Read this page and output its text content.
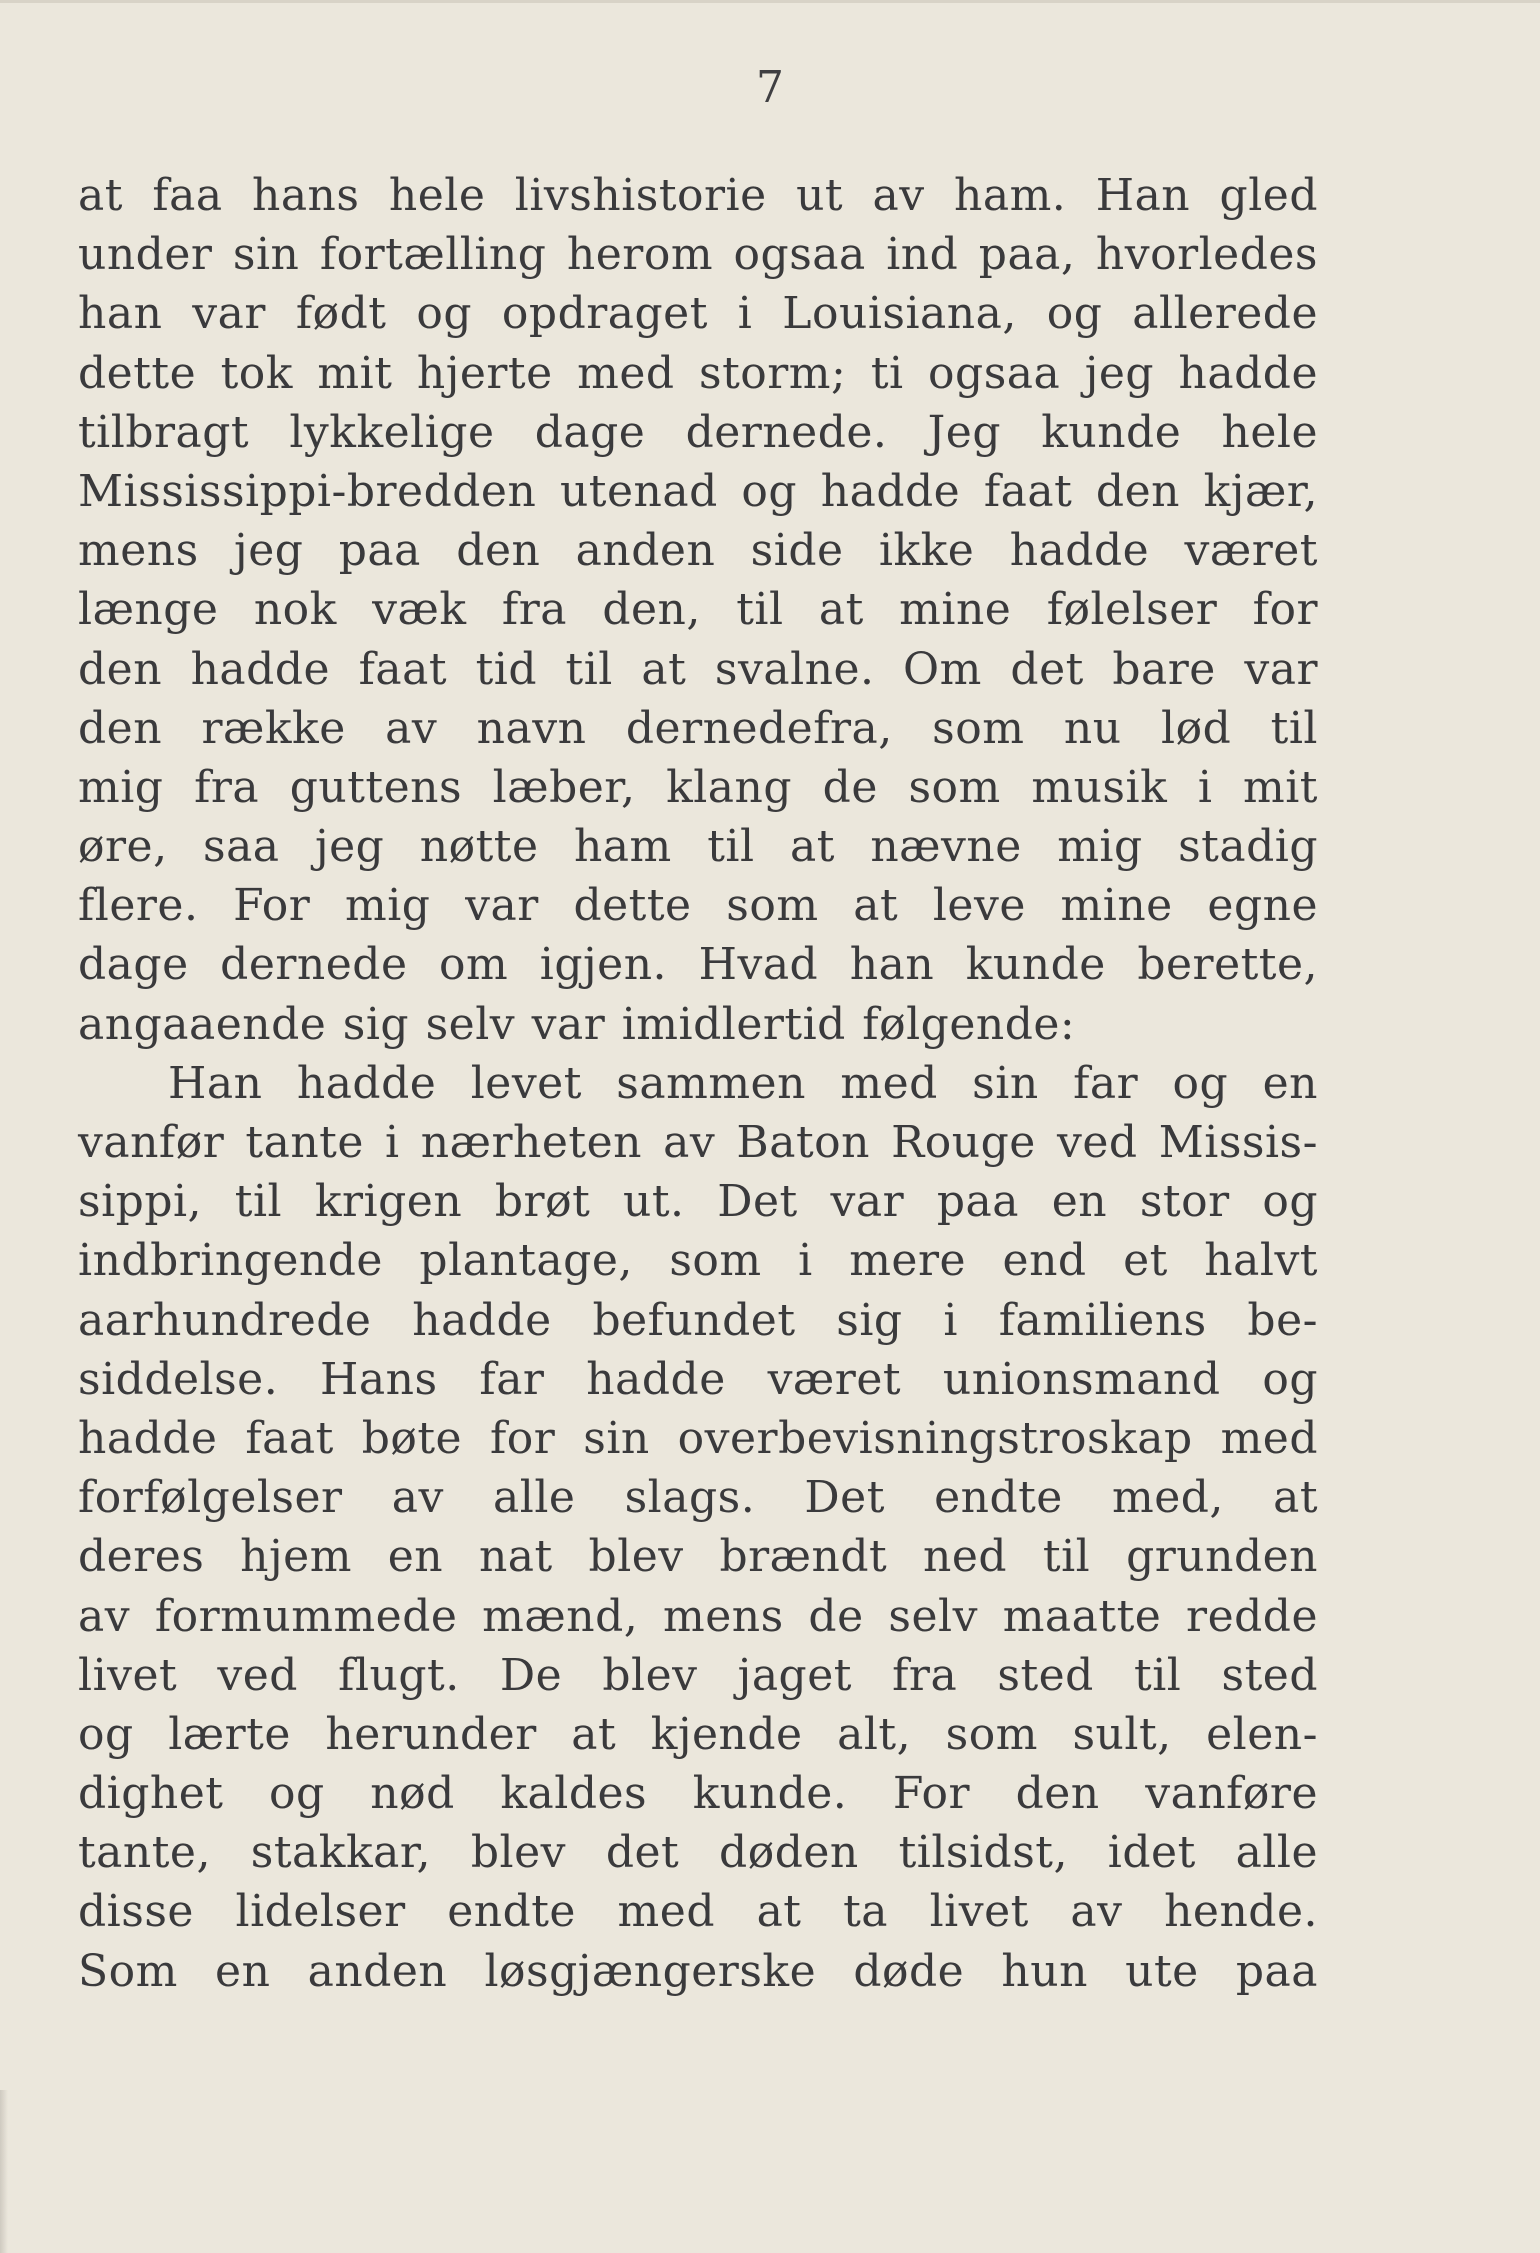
7
at faa hans hele livshistorie ut av ham. Han gled
under sin fortælling herom ogsaa ind paa, hvorledes
han var født og opdraget i Louisiana, og allerede
dette tok mit hjerte med storm; ti ogsaa jeg hadde
tilbragt lykkelige dage dernede. Jeg kunde hele
Mississippi-bredden utenad og hadde faat den kjær,
mens jeg paa den anden side ikke hadde været
længe nok væk fra den, til at mine følelser for
den hadde faat tid til at svalne. Om det bare var
den række av navn dernedefra, som nu lød til
mig fra guttens læber, klang de som musik i mit
øre, saa jeg nøtte ham til at nævne mig stadig
flere. For mig var dette som at leve mine egne
dage dernede om igjen. Hvad han kunde berette,
angaaende sig selv var imidlertid følgende:
Han hadde levet sammen med sin far og en
vanfør tante i nærheten av Baton Rouge ved Missis-
sippi, til krigen brøt ut. Det var paa en stor og
indbringende plantage, som i mere end et halvt
aarhundrede hadde befundet sig i familiens be-
siddelse. Hans far hadde været unionsmand og
hadde faat bøte for sin overbevisningstroskap med
forfølgelser av alle slags. Det endte med, at
deres hjem en nat blev brændt ned til grunden
av formummede mænd, mens de selv maatte redde
livet ved flugt. De blev jaget fra sted til sted
og lærte herunder at kjende alt, som sult, elen-
dighet og nød kaldes kunde. For den vanføre
tante, stakkar, blev det døden tilsidst, idet alle
disse lidelser endte med at ta livet av hende.
Som en anden løsgjængerske døde hun ute paa
